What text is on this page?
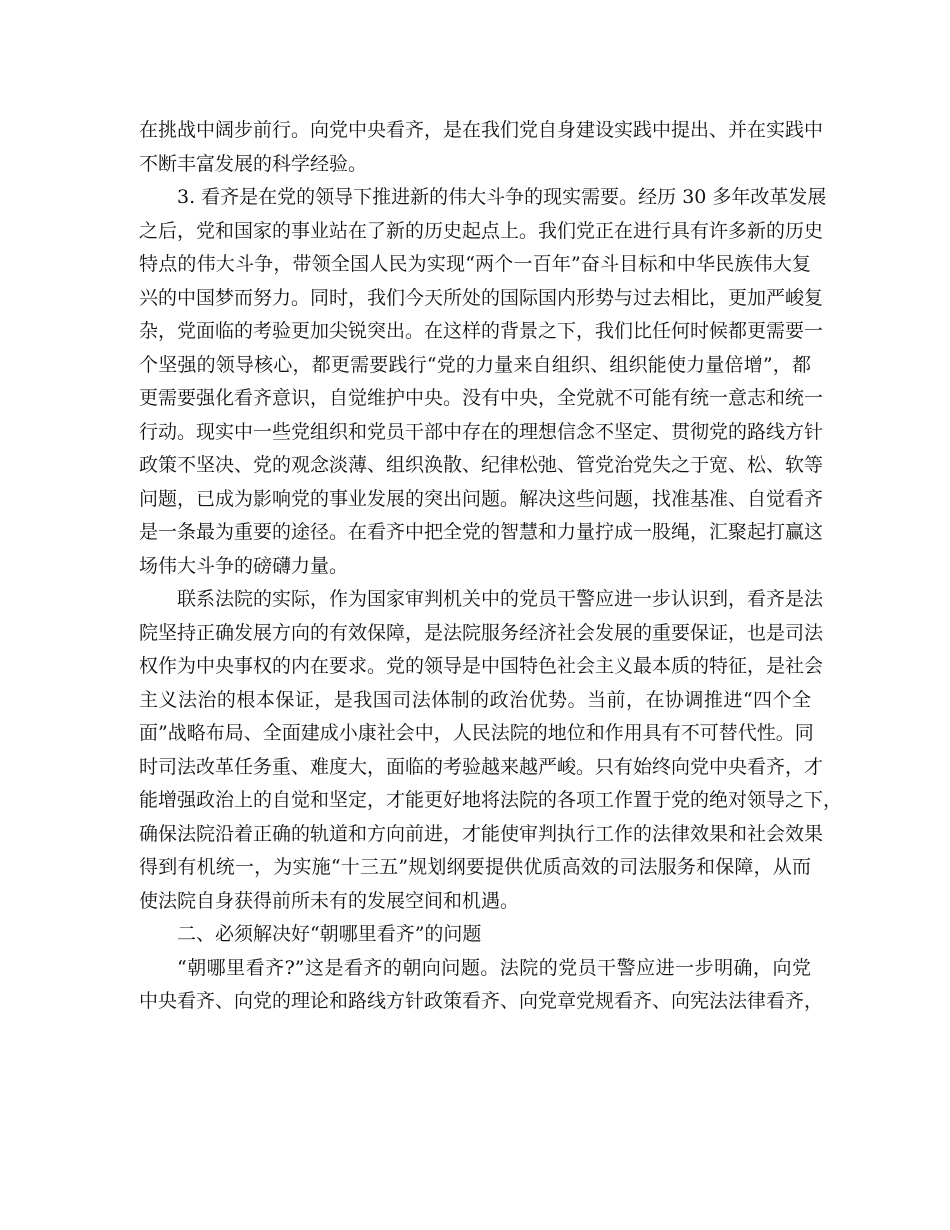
在挑战中阔步前行。向党中央看齐，是在我们党自身建设实践中提出、并在实践中
不断丰富发展的科学经验。
3. 看齐是在党的领导下推进新的伟大斗争的现实需要。经历 30 多年改革发展
之后，党和国家的事业站在了新的历史起点上。我们党正在进行具有许多新的历史
特点的伟大斗争，带领全国人民为实现“两个一百年”奋斗目标和中华民族伟大复
兴的中国梦而努力。同时，我们今天所处的国际国内形势与过去相比，更加严峻复
杂，党面临的考验更加尖锐突出。在这样的背景之下，我们比任何时候都更需要一
个坚强的领导核心，都更需要践行“党的力量来自组织、组织能使力量倍增”，都
更需要强化看齐意识，自觉维护中央。没有中央，全党就不可能有统一意志和统一
行动。现实中一些党组织和党员干部中存在的理想信念不坚定、贯彻党的路线方针
政策不坚决、党的观念淡薄、组织涣散、纪律松弛、管党治党失之于宽、松、软等
问题，已成为影响党的事业发展的突出问题。解决这些问题，找准基准、自觉看齐
是一条最为重要的途径。在看齐中把全党的智慧和力量拧成一股绳，汇聚起打赢这
场伟大斗争的磅礴力量。
联系法院的实际，作为国家审判机关中的党员干警应进一步认识到，看齐是法
院坚持正确发展方向的有效保障，是法院服务经济社会发展的重要保证，也是司法
权作为中央事权的内在要求。党的领导是中国特色社会主义最本质的特征，是社会
主义法治的根本保证，是我国司法体制的政治优势。当前，在协调推进“四个全
面”战略布局、全面建成小康社会中，人民法院的地位和作用具有不可替代性。同
时司法改革任务重、难度大，面临的考验越来越严峻。只有始终向党中央看齐，才
能增强政治上的自觉和坚定，才能更好地将法院的各项工作置于党的绝对领导之下，
确保法院沿着正确的轨道和方向前进，才能使审判执行工作的法律效果和社会效果
得到有机统一，为实施“十三五”规划纲要提供优质高效的司法服务和保障，从而
使法院自身获得前所未有的发展空间和机遇。
二、必须解决好“朝哪里看齐”的问题
“朝哪里看齐?”这是看齐的朝向问题。法院的党员干警应进一步明确，向党
中央看齐、向党的理论和路线方针政策看齐、向党章党规看齐、向宪法法律看齐，
